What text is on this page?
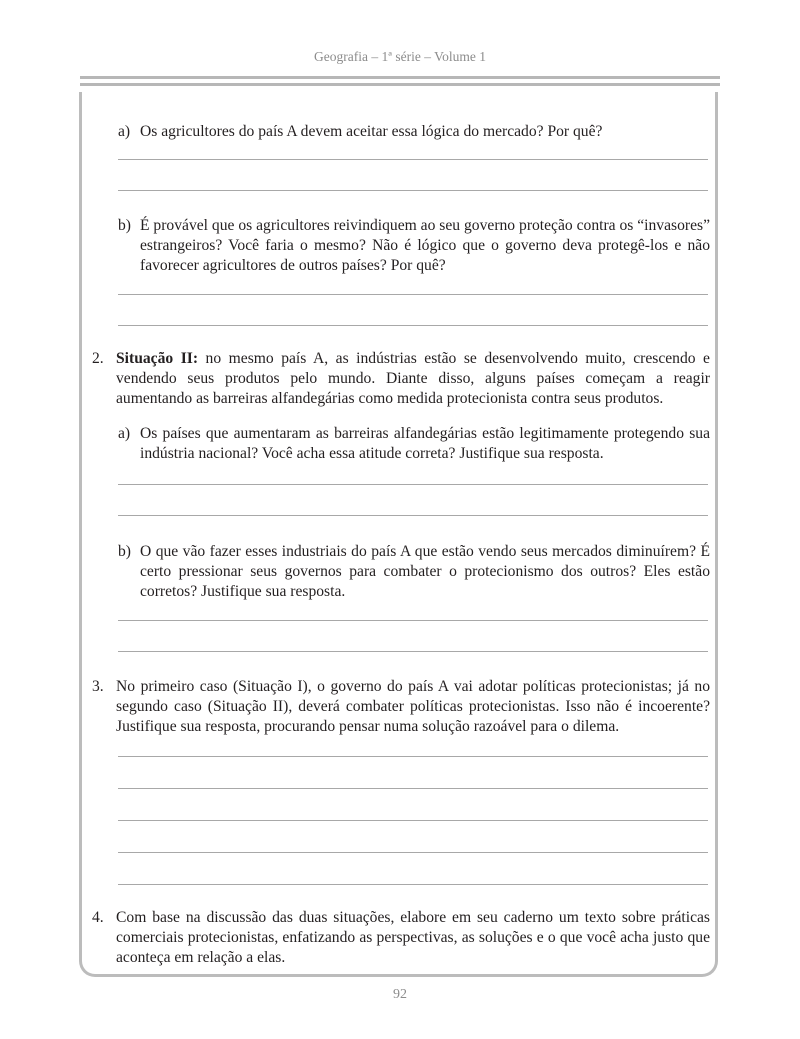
Geografia – 1ª série – Volume 1
a) Os agricultores do país A devem aceitar essa lógica do mercado? Por quê?
b) É provável que os agricultores reivindiquem ao seu governo proteção contra os “invasores” estrangeiros? Você faria o mesmo? Não é lógico que o governo deva protegê-los e não favorecer agricultores de outros países? Por quê?
2. Situação II: no mesmo país A, as indústrias estão se desenvolvendo muito, crescendo e vendendo seus produtos pelo mundo. Diante disso, alguns países começam a reagir aumentando as barreiras alfandegárias como medida protecionista contra seus produtos.
a) Os países que aumentaram as barreiras alfandegárias estão legitimamente protegendo sua indústria nacional? Você acha essa atitude correta? Justifique sua resposta.
b) O que vão fazer esses industriais do país A que estão vendo seus mercados diminuírem? É certo pressionar seus governos para combater o protecionismo dos outros? Eles estão corretos? Justifique sua resposta.
3. No primeiro caso (Situação I), o governo do país A vai adotar políticas protecionistas; já no segundo caso (Situação II), deverá combater políticas protecionistas. Isso não é incoerente? Justifique sua resposta, procurando pensar numa solução razoável para o dilema.
4. Com base na discussão das duas situações, elabore em seu caderno um texto sobre práticas comerciais protecionistas, enfatizando as perspectivas, as soluções e o que você acha justo que aconteça em relação a elas.
92
